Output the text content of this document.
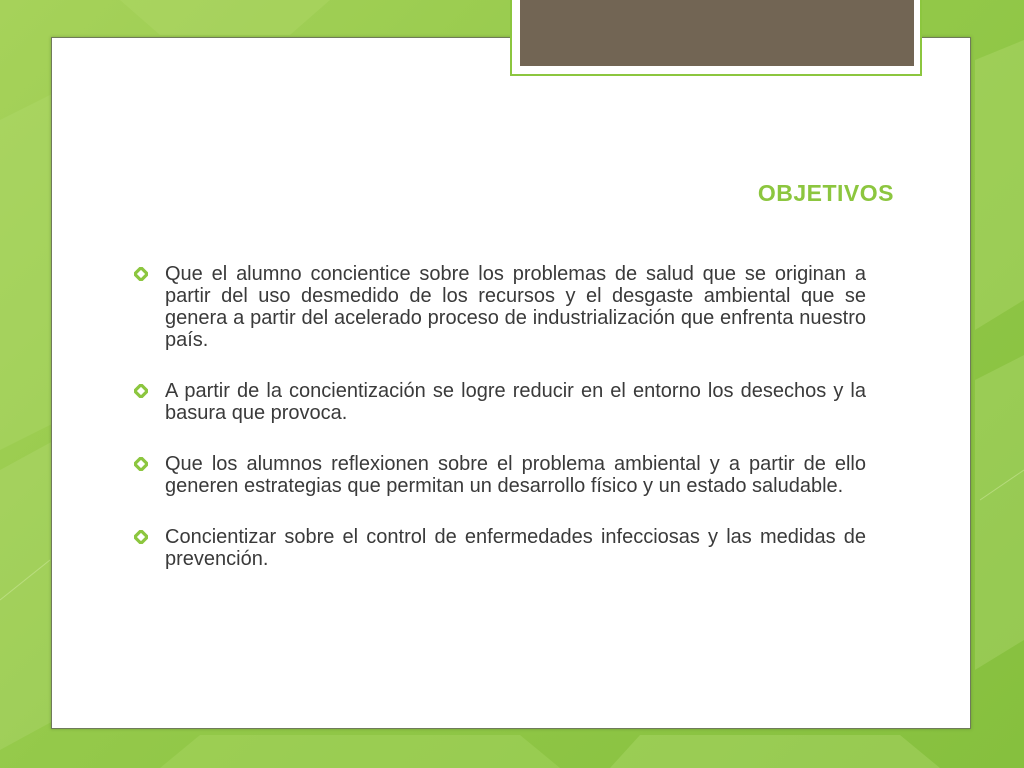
OBJETIVOS
Que el alumno concientice sobre los problemas de salud que se originan a partir del uso desmedido de los recursos y el desgaste ambiental que se genera a partir del acelerado proceso de industrialización que enfrenta nuestro país.
A partir de la concientización se logre reducir en el entorno los desechos y la basura que provoca.
Que los alumnos reflexionen sobre el problema ambiental y a partir de ello generen estrategias que permitan un desarrollo físico y un estado saludable.
Concientizar sobre el control de enfermedades infecciosas y las medidas de prevención.
